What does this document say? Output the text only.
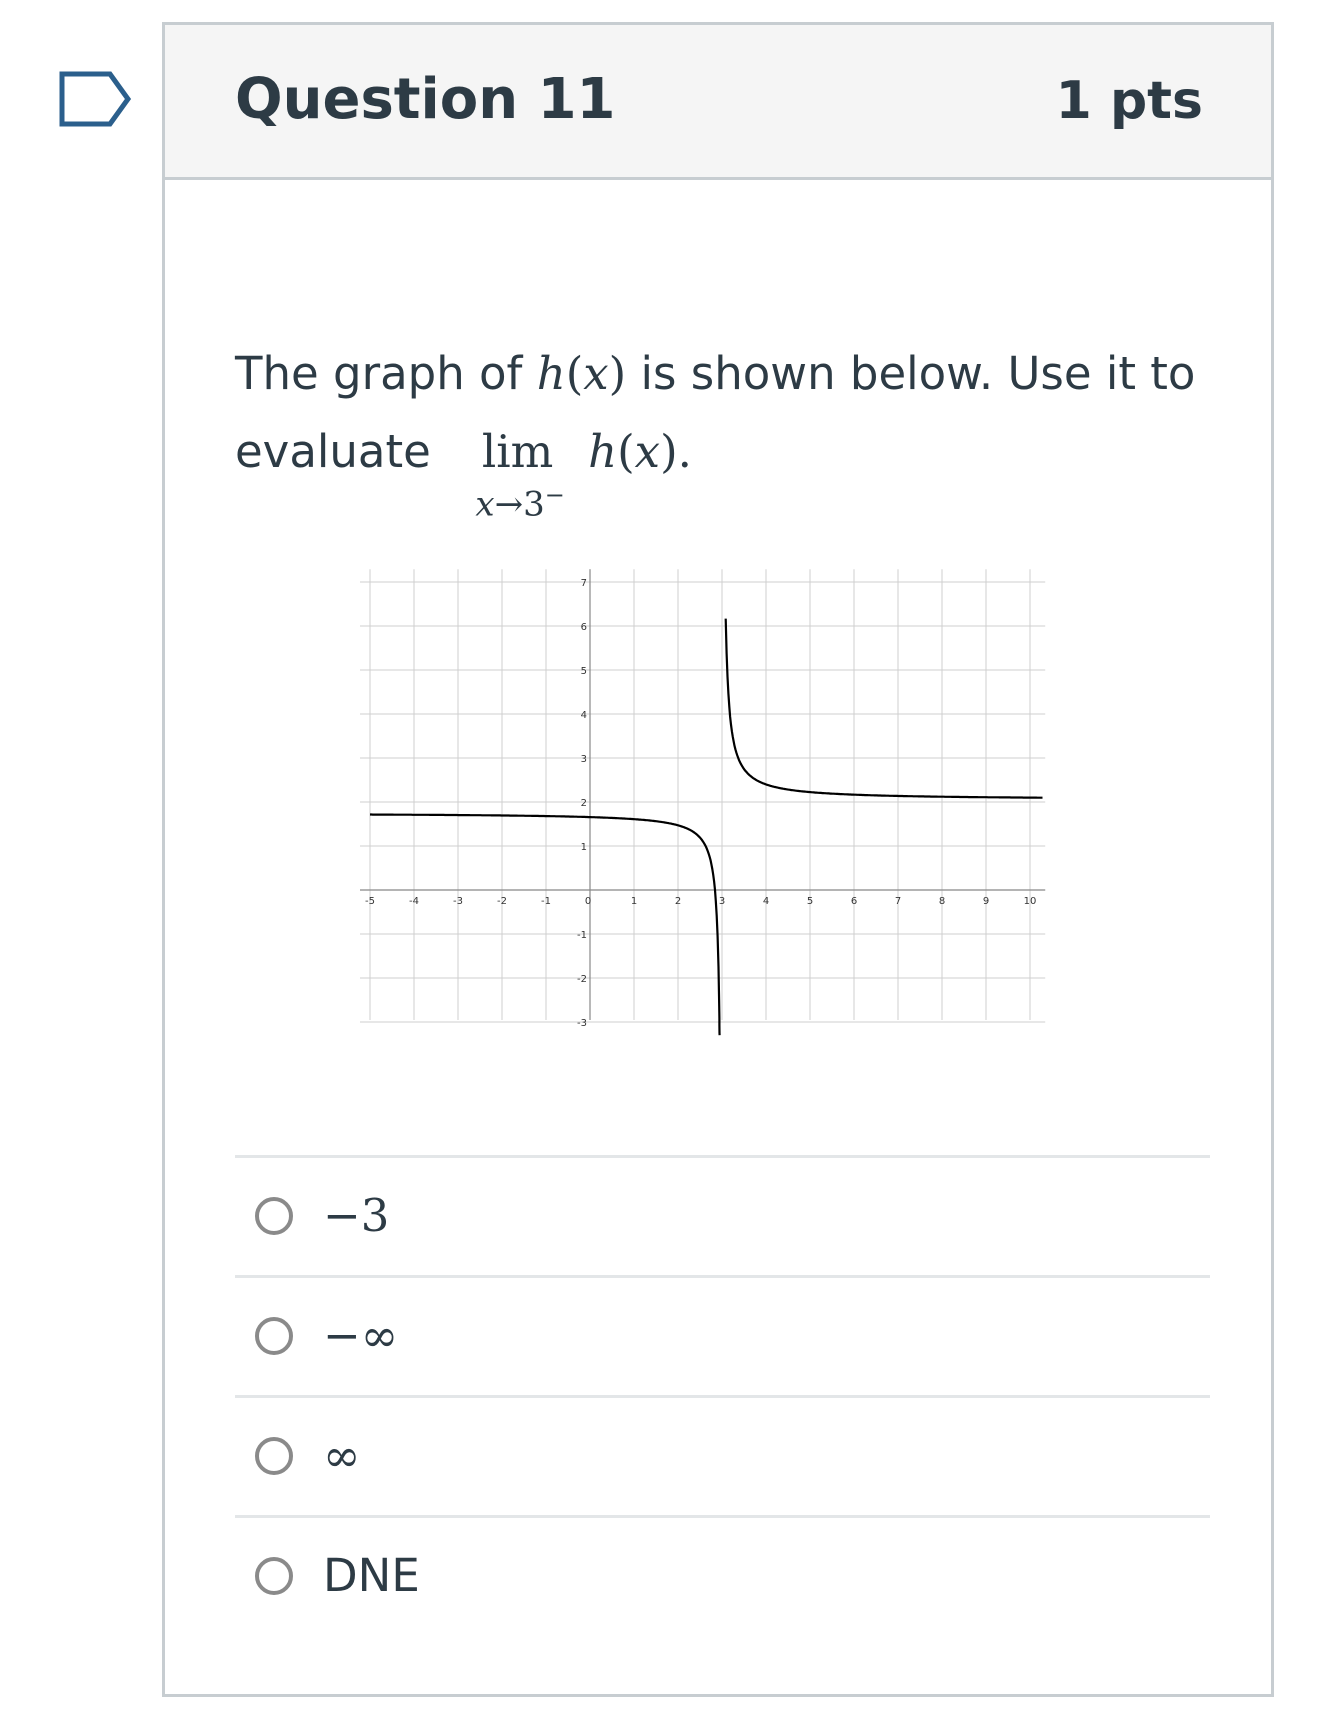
Question 11	1 pts
The graph of h(x) is shown below. Use it to evaluate lim
x→3−
h(x).
-5	-4	-3	-2	-1	0	1	2	3	4	5	6	7	8	9	10
-3
-2
-1
1
2
3
4
5
6
7
−3
−∞
∞
DNE
